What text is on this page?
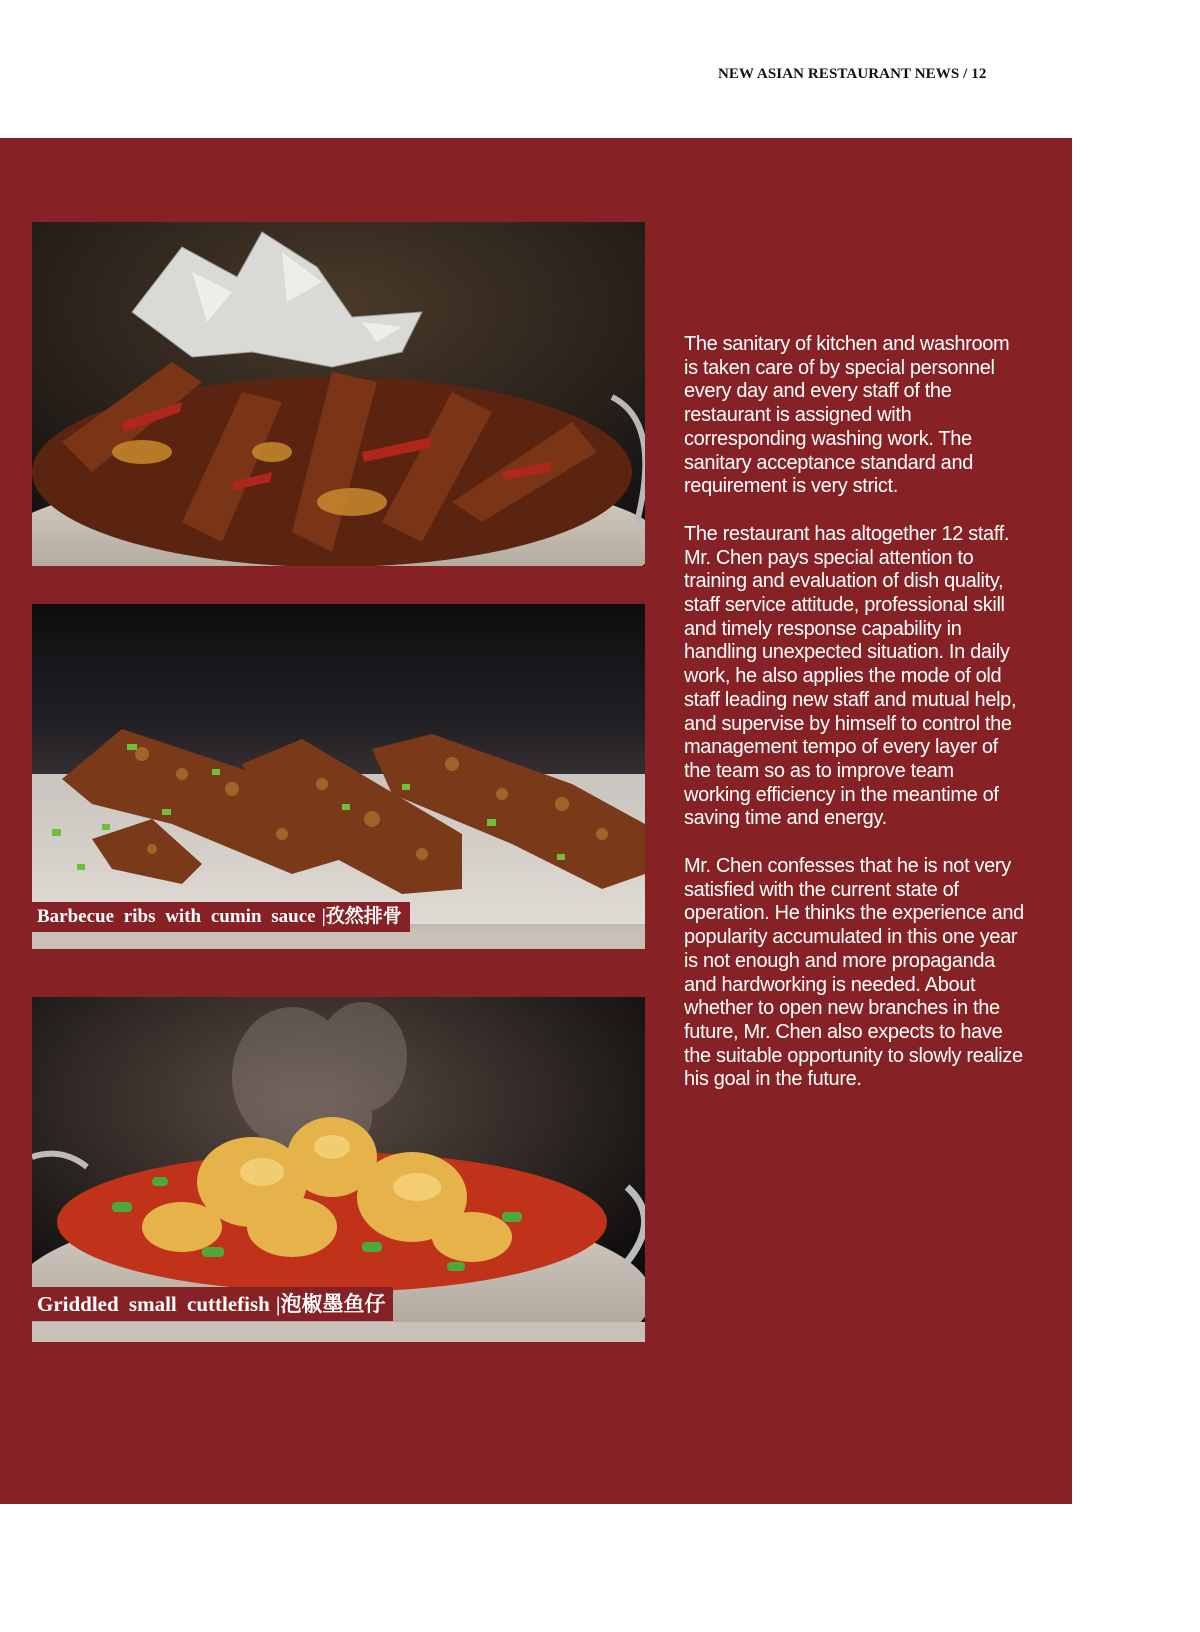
NEW ASIAN RESTAURANT NEWS / 12
Barbecue ribs with cumin sauce |孜然排骨
Griddled small cuttlefish |泡椒墨鱼仔

The sanitary of kitchen and washroom is taken care of by special personnel every day and every staff of the restaurant is assigned with corresponding washing work. The sanitary acceptance standard and requirement is very strict.

The restaurant has altogether 12 staff. Mr. Chen pays special attention to training and evaluation of dish quality, staff service attitude, professional skill and timely response capability in handling unexpected situation. In daily work, he also applies the mode of old staff leading new staff and mutual help, and supervise by himself to control the management tempo of every layer of the team so as to improve team working efficiency in the meantime of saving time and energy.

Mr. Chen confesses that he is not very satisfied with the current state of operation. He thinks the experience and popularity accumulated in this one year is not enough and more propaganda and hardworking is needed. About whether to open new branches in the future, Mr. Chen also expects to have the suitable opportunity to slowly realize his goal in the future.
